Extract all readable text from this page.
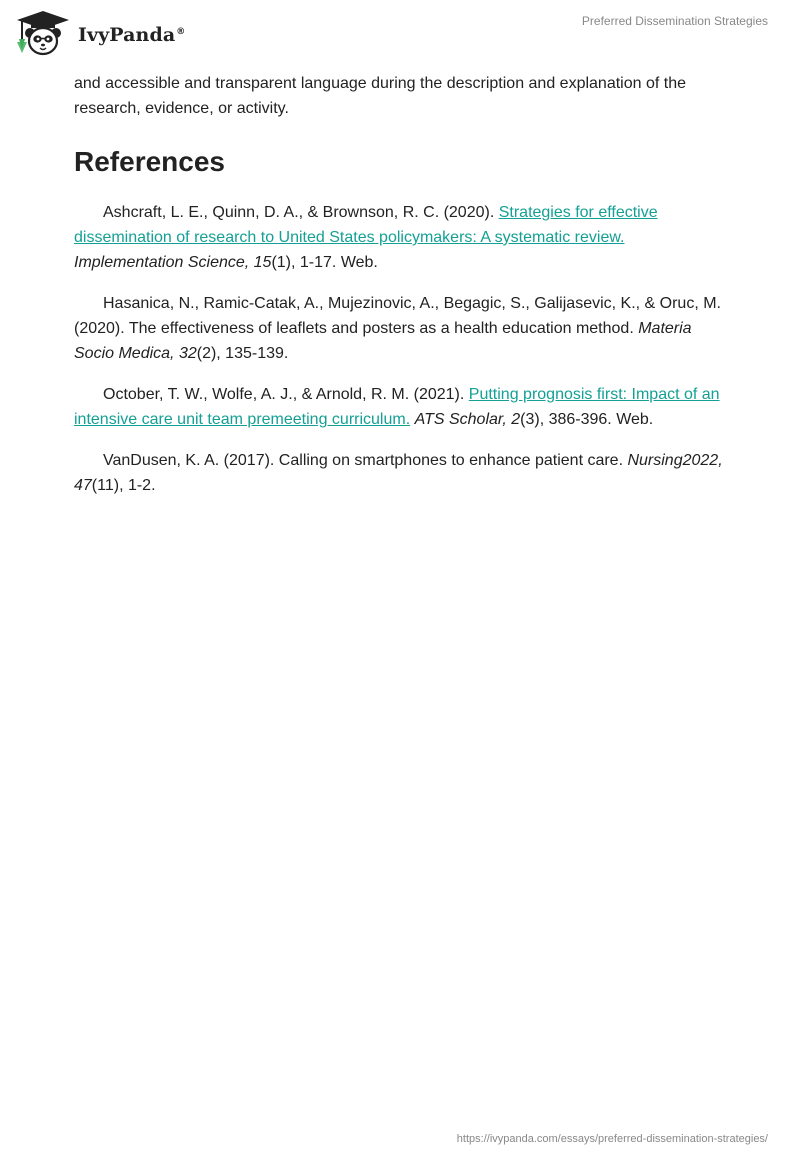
IvyPanda®
Preferred Dissemination Strategies

and accessible and transparent language during the description and explanation of the research, evidence, or activity.

References

Ashcraft, L. E., Quinn, D. A., & Brownson, R. C. (2020). Strategies for effective dissemination of research to United States policymakers: A systematic review. Implementation Science, 15(1), 1-17. Web.

Hasanica, N., Ramic-Catak, A., Mujezinovic, A., Begagic, S., Galijasevic, K., & Oruc, M. (2020). The effectiveness of leaflets and posters as a health education method. Materia Socio Medica, 32(2), 135-139.

October, T. W., Wolfe, A. J., & Arnold, R. M. (2021). Putting prognosis first: Impact of an intensive care unit team premeeting curriculum. ATS Scholar, 2(3), 386-396. Web.

VanDusen, K. A. (2017). Calling on smartphones to enhance patient care. Nursing2022, 47(11), 1-2.

https://ivypanda.com/essays/preferred-dissemination-strategies/
